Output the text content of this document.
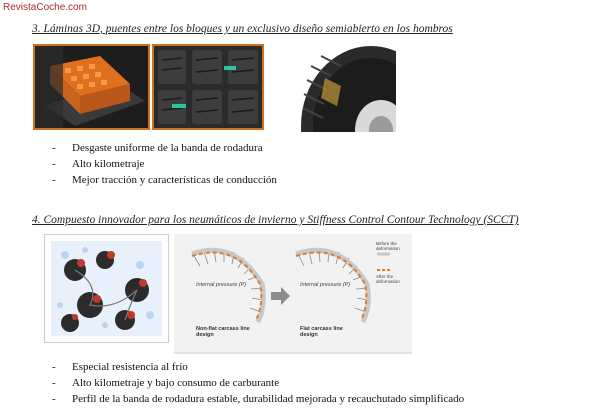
RevistaCoche.com
3. Láminas 3D, puentes entre los bloques y un exclusivo diseño semiabierto en los hombros
- Desgaste uniforme de la banda de rodadura
- Alto kilometraje
- Mejor tracción y características de conducción
4. Compuesto innovador para los neumáticos de invierno y Stiffness Control Contour Technology (SCCT)
Internal pressure (P)
Non-flat carcass line design
Internal pressure (P)
Flat carcass line design
Before the deformation
After the deformation
- Especial resistencia al frío
- Alto kilometraje y bajo consumo de carburante
- Perfil de la banda de rodadura estable, durabilidad mejorada y recauchutado simplificado
